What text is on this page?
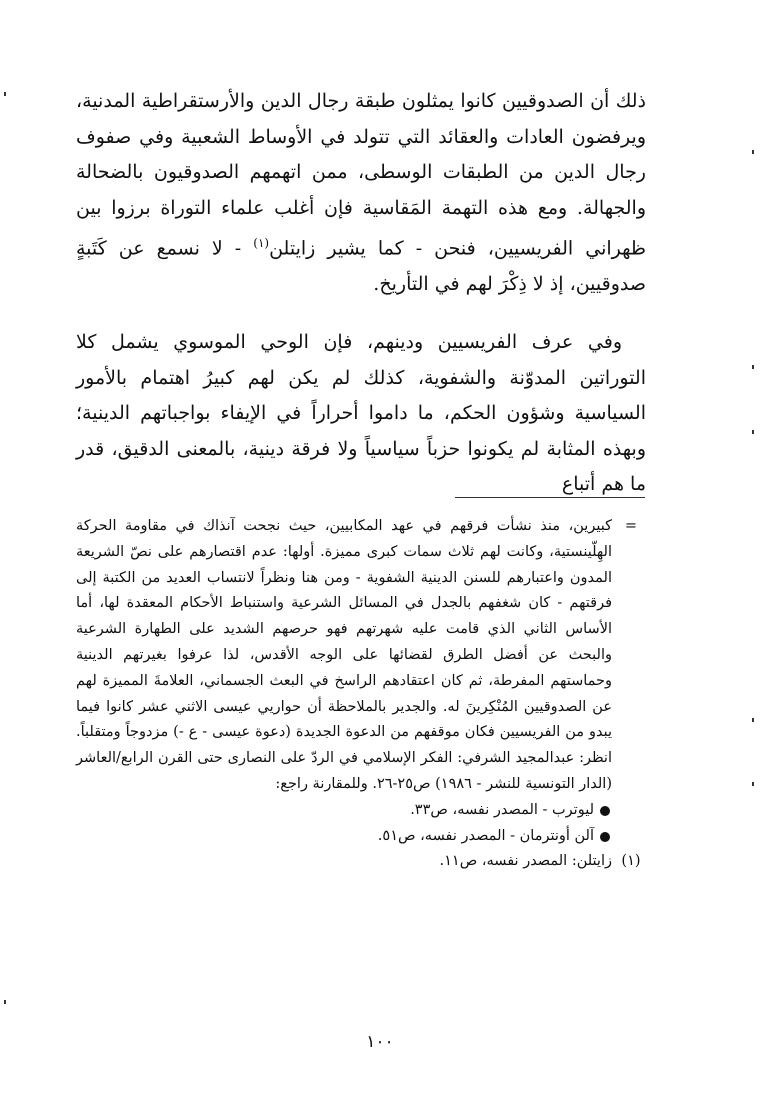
ذلك أن الصدوقيين كانوا يمثلون طبقة رجال الدين والأرستقراطية المدنية، ويرفضون العادات والعقائد التي تتولد في الأوساط الشعبية وفي صفوف رجال الدين من الطبقات الوسطى، ممن اتهمهم الصدوقيون بالضحالة والجهالة. ومع هذه التهمة المَقاسية فإن أغلب علماء التوراة برزوا بين ظهراني الفريسيين، فنحن - كما يشير زايتلن$^{(١)}$ - لا نسمع عن كَتَبةٍ صدوقيين، إذ لا ذِكْرَ لهم في التأريخ.

وفي عرف الفريسيين ودينهم، فإن الوحي الموسوي يشمل كلا التوراتين المدوّنة والشفوية، كذلك لم يكن لهم كبيرُ اهتمام بالأمور السياسية وشؤون الحكم، ما داموا أحراراً في الإيفاء بواجباتهم الدينية؛ وبهذه المثابة لم يكونوا حزباً سياسياً ولا فرقة دينية، بالمعنى الدقيق، قدر ما هم أتباع

=
كبيرين، منذ نشأت فرقهم في عهد المكابيين، حيث نجحت آنذاك في مقاومة الحركة الهِلّينستية، وكانت لهم ثلاث سمات كبرى مميزة. أولها: عدم اقتصارهم على نصّ الشريعة المدون واعتبارهم للسنن الدينية الشفوية - ومن هنا ونظراً لانتساب العديد من الكتبة إلى فرقتهم - كان شغفهم بالجدل في المسائل الشرعية واستنباط الأحكام المعقدة لها، أما الأساس الثاني الذي قامت عليه شهرتهم فهو حرصهم الشديد على الطهارة الشرعية والبحث عن أفضل الطرق لقضائها على الوجه الأقدس، لذا عرفوا بغيرتهم الدينية وحماستهم المفرطة، ثم كان اعتقادهم الراسخ في البعث الجسماني، العلامةَ المميزة لهم عن الصدوقيين المُنْكِرينَ له. والجدير بالملاحظة أن حواريي عيسى الاثني عشر كانوا فيما يبدو من الفريسيين فكان موقفهم من الدعوة الجديدة (دعوة عيسى - ع -) مزدوجاً ومتقلباً. انظر: عبدالمجيد الشرفي: الفكر الإسلامي في الردّ على النصارى حتى القرن الرابع/العاشر (الدار التونسية للنشر - ١٩٨٦) ص٢٥-٢٦. وللمقارنة راجع:

ليوترب - المصدر نفسه، ص٣٣.

آلن أونترمان - المصدر نفسه، ص٥١.

(١)
زايتلن: المصدر نفسه، ص١١.

١٠٠
